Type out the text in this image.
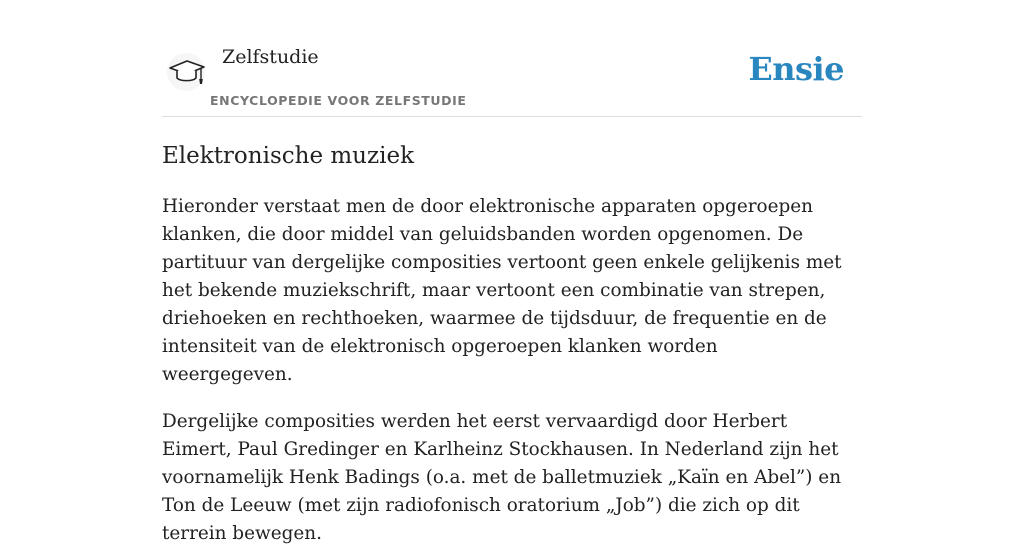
Zelfstudie
ENCYCLOPEDIE VOOR ZELFSTUDIE
Ensie
Elektronische muziek

Hieronder verstaat men de door elektronische apparaten opgeroepen klanken, die door middel van geluidsbanden worden opgenomen. De partituur van dergelijke composities vertoont geen enkele gelijkenis met het bekende muziekschrift, maar vertoont een combinatie van strepen, driehoeken en rechthoeken, waarmee de tijdsduur, de frequentie en de intensiteit van de elektronisch opgeroepen klanken worden weergegeven.

Dergelijke composities werden het eerst vervaardigd door Herbert Eimert, Paul Gredinger en Karlheinz Stockhausen. In Nederland zijn het voornamelijk Henk Badings (o.a. met de balletmuziek „Kaïn en Abel”) en Ton de Leeuw (met zijn radiofonisch oratorium „Job”) die zich op dit terrein bewegen.
